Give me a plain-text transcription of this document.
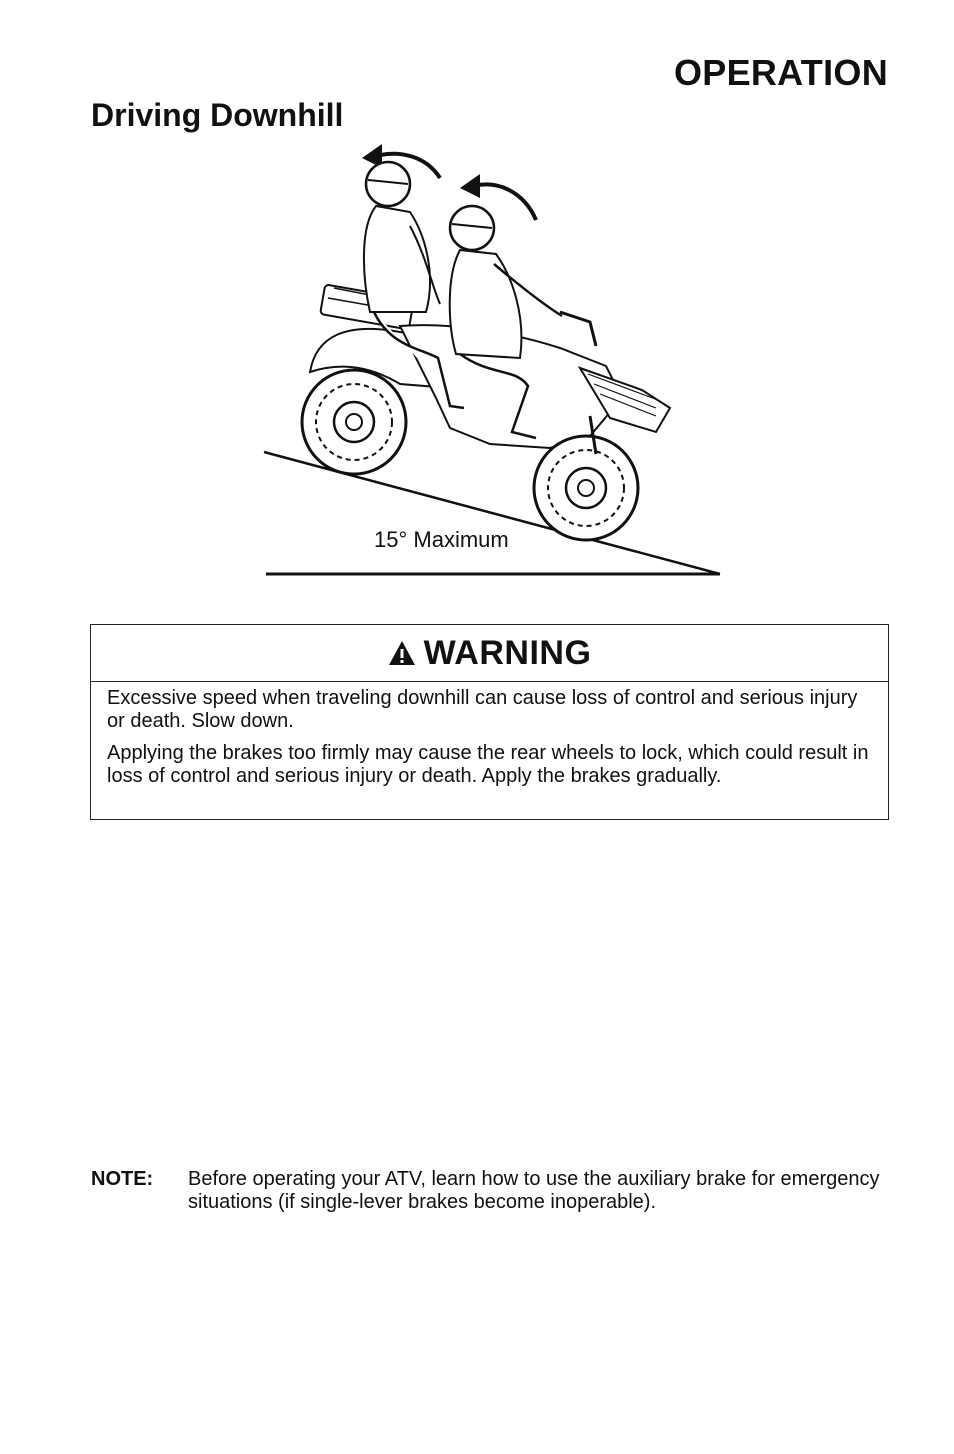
OPERATION
Driving Downhill
15° Maximum
WARNING

Excessive speed when traveling downhill can cause loss of control and serious injury or death. Slow down.

Applying the brakes too firmly may cause the rear wheels to lock, which could result in loss of control and serious injury or death. Apply the brakes gradually.

NOTE: Before operating your ATV, learn how to use the auxiliary brake for emergency situations (if single-lever brakes become inoperable).
